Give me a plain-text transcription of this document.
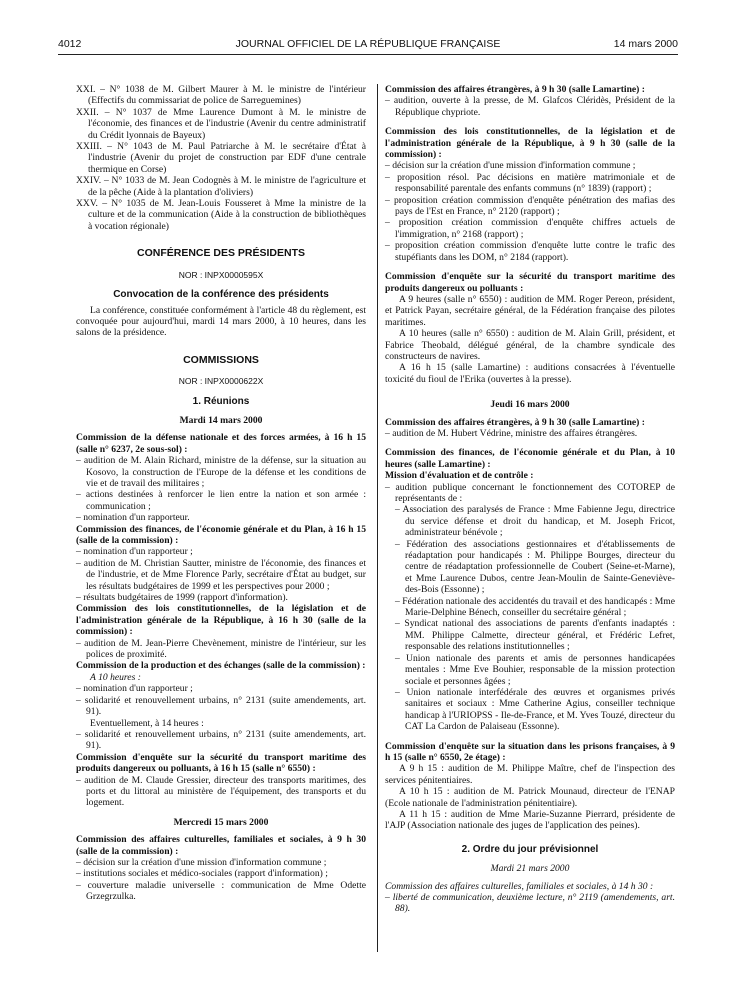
4012	JOURNAL OFFICIEL DE LA RÉPUBLIQUE FRANÇAISE	14 mars 2000

XXI. – N° 1038 de M. Gilbert Maurer à M. le ministre de l'intérieur (Effectifs du commissariat de police de Sarreguemines)

XXII. – N° 1037 de Mme Laurence Dumont à M. le ministre de l'économie, des finances et de l'industrie (Avenir du centre administratif du Crédit lyonnais de Bayeux)

XXIII. – N° 1043 de M. Paul Patriarche à M. le secrétaire d'État à l'industrie (Avenir du projet de construction par EDF d'une centrale thermique en Corse)

XXIV. – N° 1033 de M. Jean Codognès à M. le ministre de l'agriculture et de la pêche (Aide à la plantation d'oliviers)

XXV. – N° 1035 de M. Jean-Louis Fousseret à Mme la ministre de la culture et de la communication (Aide à la construction de bibliothèques à vocation régionale)

CONFÉRENCE DES PRÉSIDENTS
NOR : INPX0000595X
Convocation de la conférence des présidents

La conférence, constituée conformément à l'article 48 du règlement, est convoquée pour aujourd'hui, mardi 14 mars 2000, à 10 heures, dans les salons de la présidence.

COMMISSIONS
NOR : INPX0000622X
1. Réunions
Mardi 14 mars 2000

Commission de la défense nationale et des forces armées, à 16 h 15 (salle n° 6237, 2e sous-sol) :

– audition de M. Alain Richard, ministre de la défense, sur la situation au Kosovo, la construction de l'Europe de la défense et les conditions de vie et de travail des militaires ;

– actions destinées à renforcer le lien entre la nation et son armée : communication ;

– nomination d'un rapporteur.

Commission des finances, de l'économie générale et du Plan, à 16 h 15 (salle de la commission) :

– nomination d'un rapporteur ;

– audition de M. Christian Sautter, ministre de l'économie, des finances et de l'industrie, et de Mme Florence Parly, secrétaire d'État au budget, sur les résultats budgétaires de 1999 et les perspectives pour 2000 ;

– résultats budgétaires de 1999 (rapport d'information).

Commission des lois constitutionnelles, de la législation et de l'administration générale de la République, à 16 h 30 (salle de la commission) :

– audition de M. Jean-Pierre Chevènement, ministre de l'intérieur, sur les polices de proximité.

Commission de la production et des échanges (salle de la commission) :

A 10 heures :

– nomination d'un rapporteur ;

– solidarité et renouvellement urbains, n° 2131 (suite amendements, art. 91).

Eventuellement, à 14 heures :

– solidarité et renouvellement urbains, n° 2131 (suite amendements, art. 91).

Commission d'enquête sur la sécurité du transport maritime des produits dangereux ou polluants, à 16 h 15 (salle n° 6550) :

– audition de M. Claude Gressier, directeur des transports maritimes, des ports et du littoral au ministère de l'équipement, des transports et du logement.

Mercredi 15 mars 2000

Commission des affaires culturelles, familiales et sociales, à 9 h 30 (salle de la commission) :

– décision sur la création d'une mission d'information commune ;

– institutions sociales et médico-sociales (rapport d'information) ;

– couverture maladie universelle : communication de Mme Odette Grzegrzulka.

Commission des affaires étrangères, à 9 h 30 (salle Lamartine) :

– audition, ouverte à la presse, de M. Glafcos Cléridès, Président de la République chypriote.

Commission des lois constitutionnelles, de la législation et de l'administration générale de la République, à 9 h 30 (salle de la commission) :

– décision sur la création d'une mission d'information commune ;

– proposition résol. Pac décisions en matière matrimoniale et de responsabilité parentale des enfants communs (n° 1839) (rapport) ;

– proposition création commission d'enquête pénétration des mafias des pays de l'Est en France, n° 2120 (rapport) ;

– proposition création commission d'enquête chiffres actuels de l'immigration, n° 2168 (rapport) ;

– proposition création commission d'enquête lutte contre le trafic des stupéfiants dans les DOM, n° 2184 (rapport).

Commission d'enquête sur la sécurité du transport maritime des produits dangereux ou polluants :

A 9 heures (salle n° 6550) : audition de MM. Roger Pereon, président, et Patrick Payan, secrétaire général, de la Fédération française des pilotes maritimes.

A 10 heures (salle n° 6550) : audition de M. Alain Grill, président, et Fabrice Theobald, délégué général, de la chambre syndicale des constructeurs de navires.

A 16 h 15 (salle Lamartine) : auditions consacrées à l'éventuelle toxicité du fioul de l'Erika (ouvertes à la presse).

Jeudi 16 mars 2000

Commission des affaires étrangères, à 9 h 30 (salle Lamartine) :

– audition de M. Hubert Védrine, ministre des affaires étrangères.

Commission des finances, de l'économie générale et du Plan, à 10 heures (salle Lamartine) :

Mission d'évaluation et de contrôle :

– audition publique concernant le fonctionnement des COTOREP de représentants de :

– Association des paralysés de France : Mme Fabienne Jegu, directrice du service défense et droit du handicap, et M. Joseph Fricot, administrateur bénévole ;

– Fédération des associations gestionnaires et d'établissements de réadaptation pour handicapés : M. Philippe Bourges, directeur du centre de réadaptation professionnelle de Coubert (Seine-et-Marne), et Mme Laurence Dubos, centre Jean-Moulin de Sainte-Geneviève-des-Bois (Essonne) ;

– Fédération nationale des accidentés du travail et des handicapés : Mme Marie-Delphine Bénech, conseiller du secrétaire général ;

– Syndicat national des associations de parents d'enfants inadaptés : MM. Philippe Calmette, directeur général, et Frédéric Lefret, responsable des relations institutionnelles ;

– Union nationale des parents et amis de personnes handicapées mentales : Mme Eve Bouhier, responsable de la mission protection sociale et personnes âgées ;

– Union nationale interfédérale des œuvres et organismes privés sanitaires et sociaux : Mme Catherine Agius, conseiller technique handicap à l'URIOPSS - Ile-de-France, et M. Yves Touzé, directeur du CAT La Cardon de Palaiseau (Essonne).

Commission d'enquête sur la situation dans les prisons françaises, à 9 h 15 (salle n° 6550, 2e étage) :

A 9 h 15 : audition de M. Philippe Maître, chef de l'inspection des services pénitentiaires.

A 10 h 15 : audition de M. Patrick Mounaud, directeur de l'ENAP (Ecole nationale de l'administration pénitentiaire).

A 11 h 15 : audition de Mme Marie-Suzanne Pierrard, présidente de l'AJP (Association nationale des juges de l'application des peines).

2. Ordre du jour prévisionnel
Mardi 21 mars 2000

Commission des affaires culturelles, familiales et sociales, à 14 h 30 :

– liberté de communication, deuxième lecture, n° 2119 (amendements, art. 88).
